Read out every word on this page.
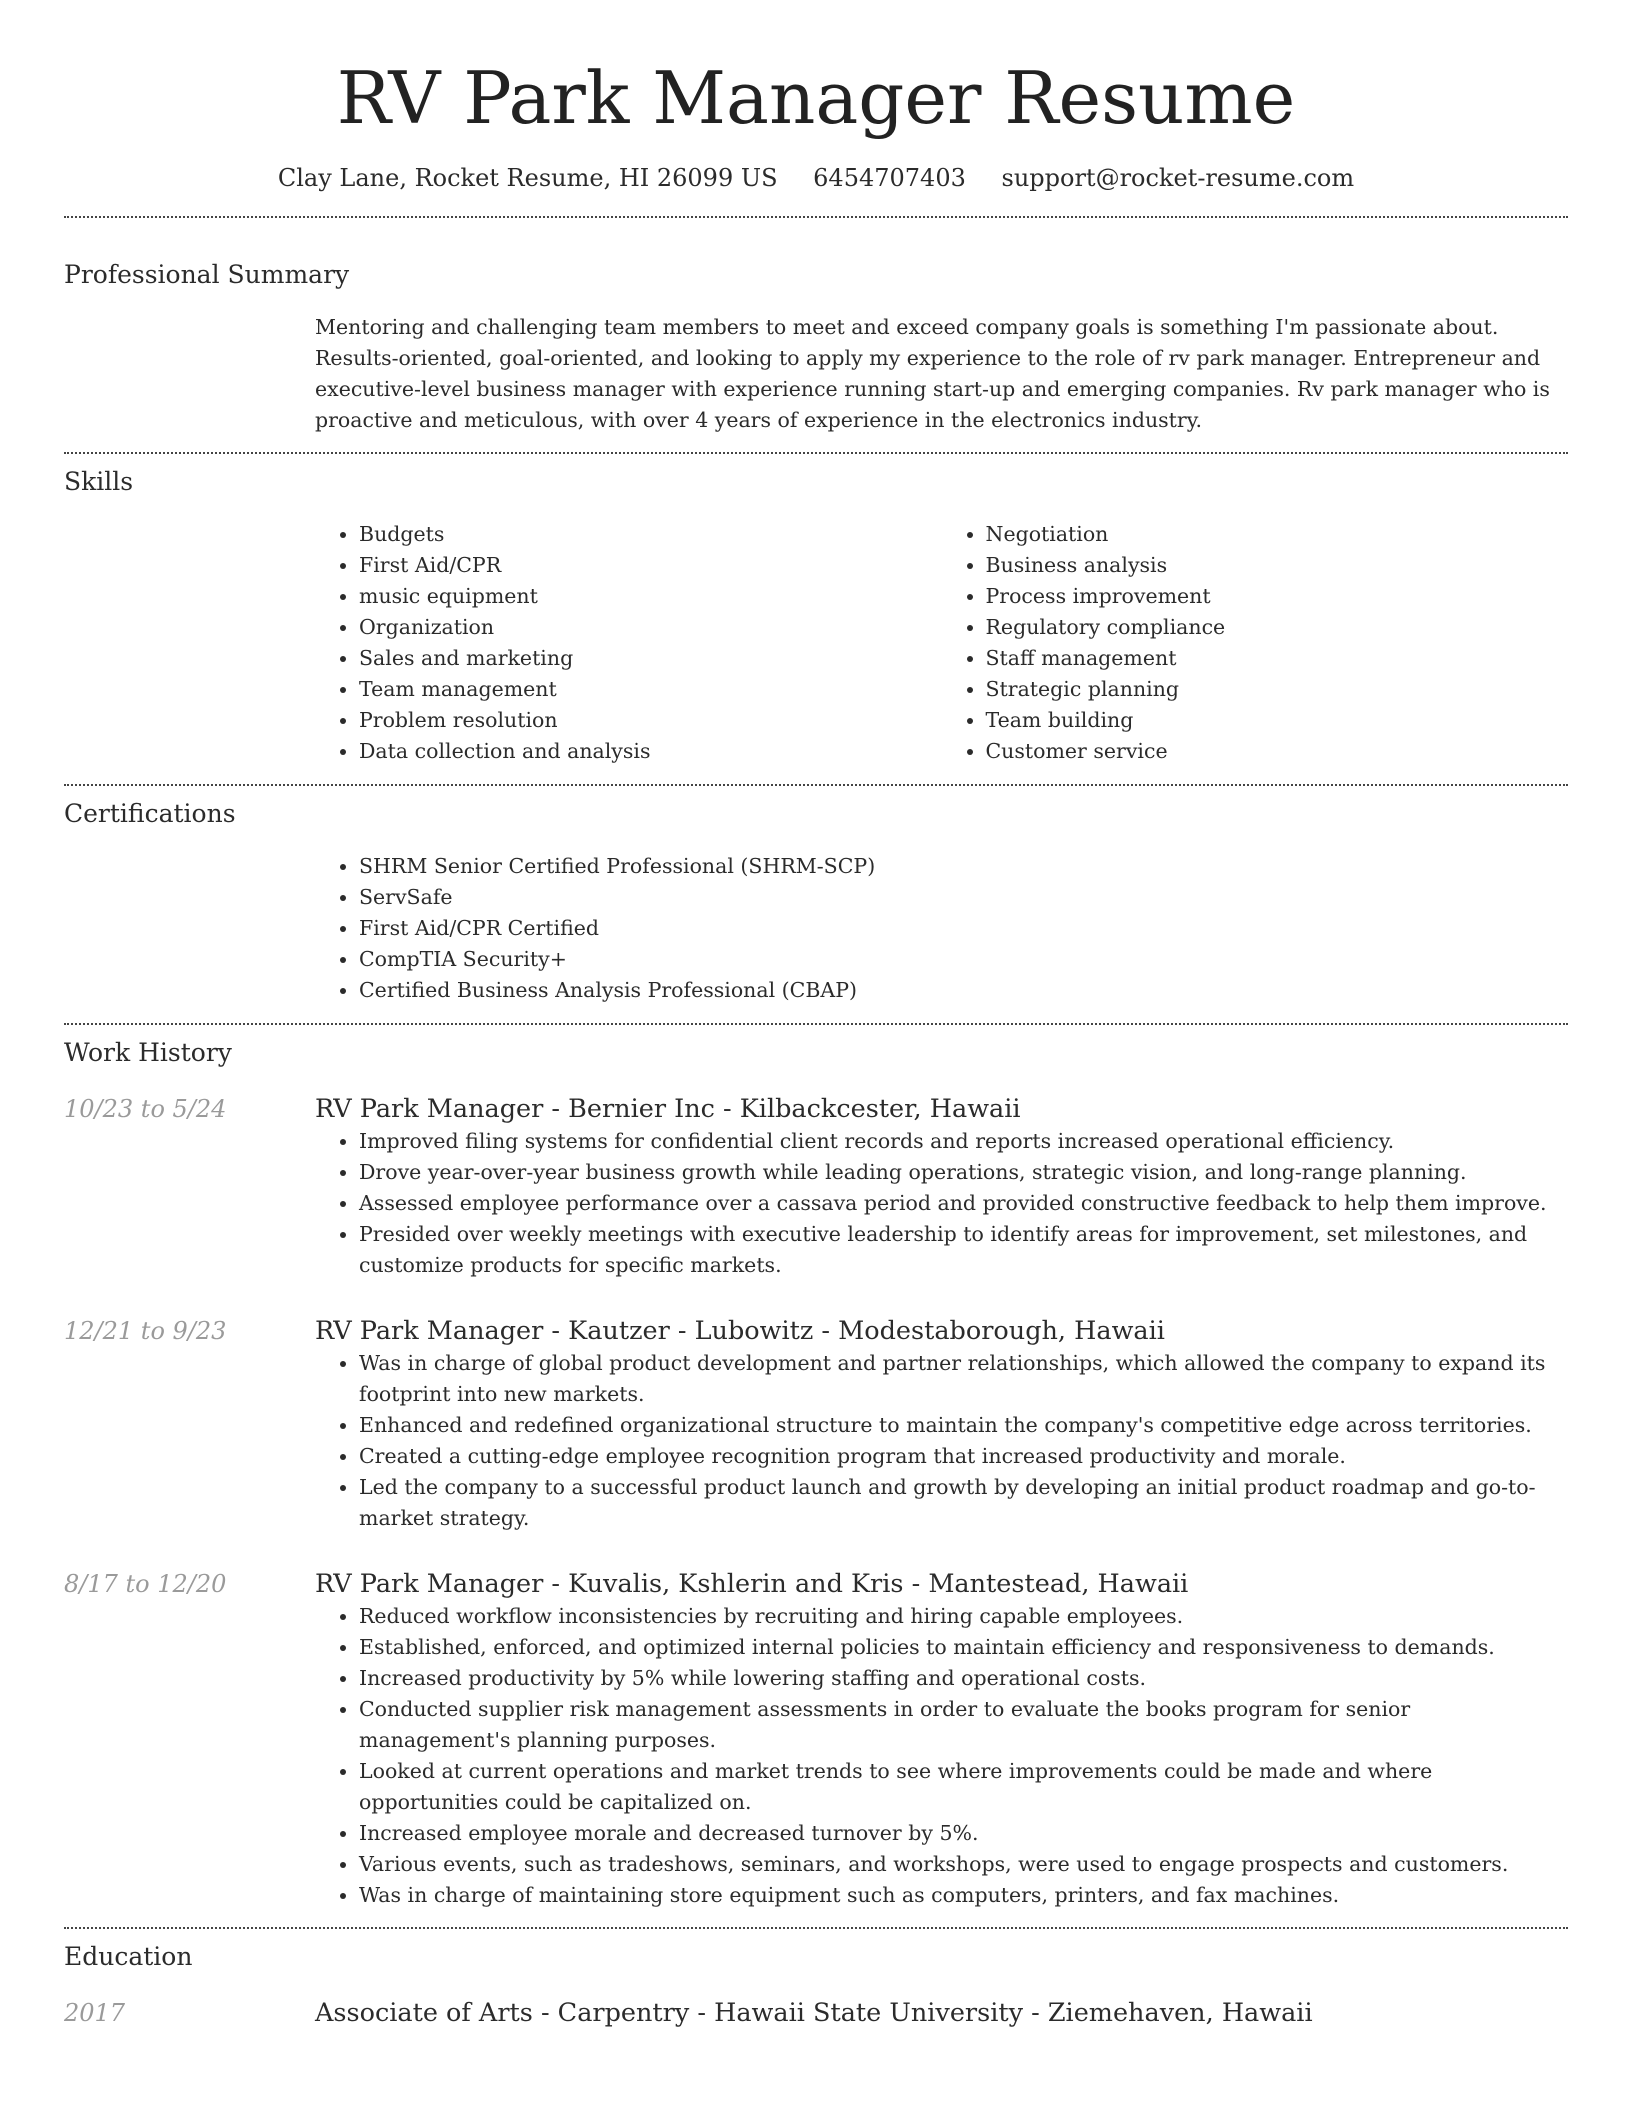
RV Park Manager Resume
Clay Lane, Rocket Resume, HI 26099 US 6454707403 support@rocket-resume.com
Professional Summary

Mentoring and challenging team members to meet and exceed company goals is something I'm passionate about. Results-oriented, goal-oriented, and looking to apply my experience to the role of rv park manager. Entrepreneur and executive-level business manager with experience running start-up and emerging companies. Rv park manager who is proactive and meticulous, with over 4 years of experience in the electronics industry.

Skills
• Budgets
• First Aid/CPR
• music equipment
• Organization
• Sales and marketing
• Team management
• Problem resolution
• Data collection and analysis
• Negotiation
• Business analysis
• Process improvement
• Regulatory compliance
• Staff management
• Strategic planning
• Team building
• Customer service
Certifications
• SHRM Senior Certified Professional (SHRM-SCP)
• ServSafe
• First Aid/CPR Certified
• CompTIA Security+
• Certified Business Analysis Professional (CBAP)
Work History
10/23 to 5/24	RV Park Manager - Bernier Inc - Kilbackcester, Hawaii
• Improved filing systems for confidential client records and reports increased operational efficiency.
• Drove year-over-year business growth while leading operations, strategic vision, and long-range planning.
• Assessed employee performance over a cassava period and provided constructive feedback to help them improve.
• Presided over weekly meetings with executive leadership to identify areas for improvement, set milestones, and customize products for specific markets.
12/21 to 9/23	RV Park Manager - Kautzer - Lubowitz - Modestaborough, Hawaii
• Was in charge of global product development and partner relationships, which allowed the company to expand its footprint into new markets.
• Enhanced and redefined organizational structure to maintain the company's competitive edge across territories.
• Created a cutting-edge employee recognition program that increased productivity and morale.
• Led the company to a successful product launch and growth by developing an initial product roadmap and go-to-market strategy.
8/17 to 12/20	RV Park Manager - Kuvalis, Kshlerin and Kris - Mantestead, Hawaii
• Reduced workflow inconsistencies by recruiting and hiring capable employees.
• Established, enforced, and optimized internal policies to maintain efficiency and responsiveness to demands.
• Increased productivity by 5% while lowering staffing and operational costs.
• Conducted supplier risk management assessments in order to evaluate the books program for senior management's planning purposes.
• Looked at current operations and market trends to see where improvements could be made and where opportunities could be capitalized on.
• Increased employee morale and decreased turnover by 5%.
• Various events, such as tradeshows, seminars, and workshops, were used to engage prospects and customers.
• Was in charge of maintaining store equipment such as computers, printers, and fax machines.
Education
2017	Associate of Arts - Carpentry - Hawaii State University - Ziemehaven, Hawaii
